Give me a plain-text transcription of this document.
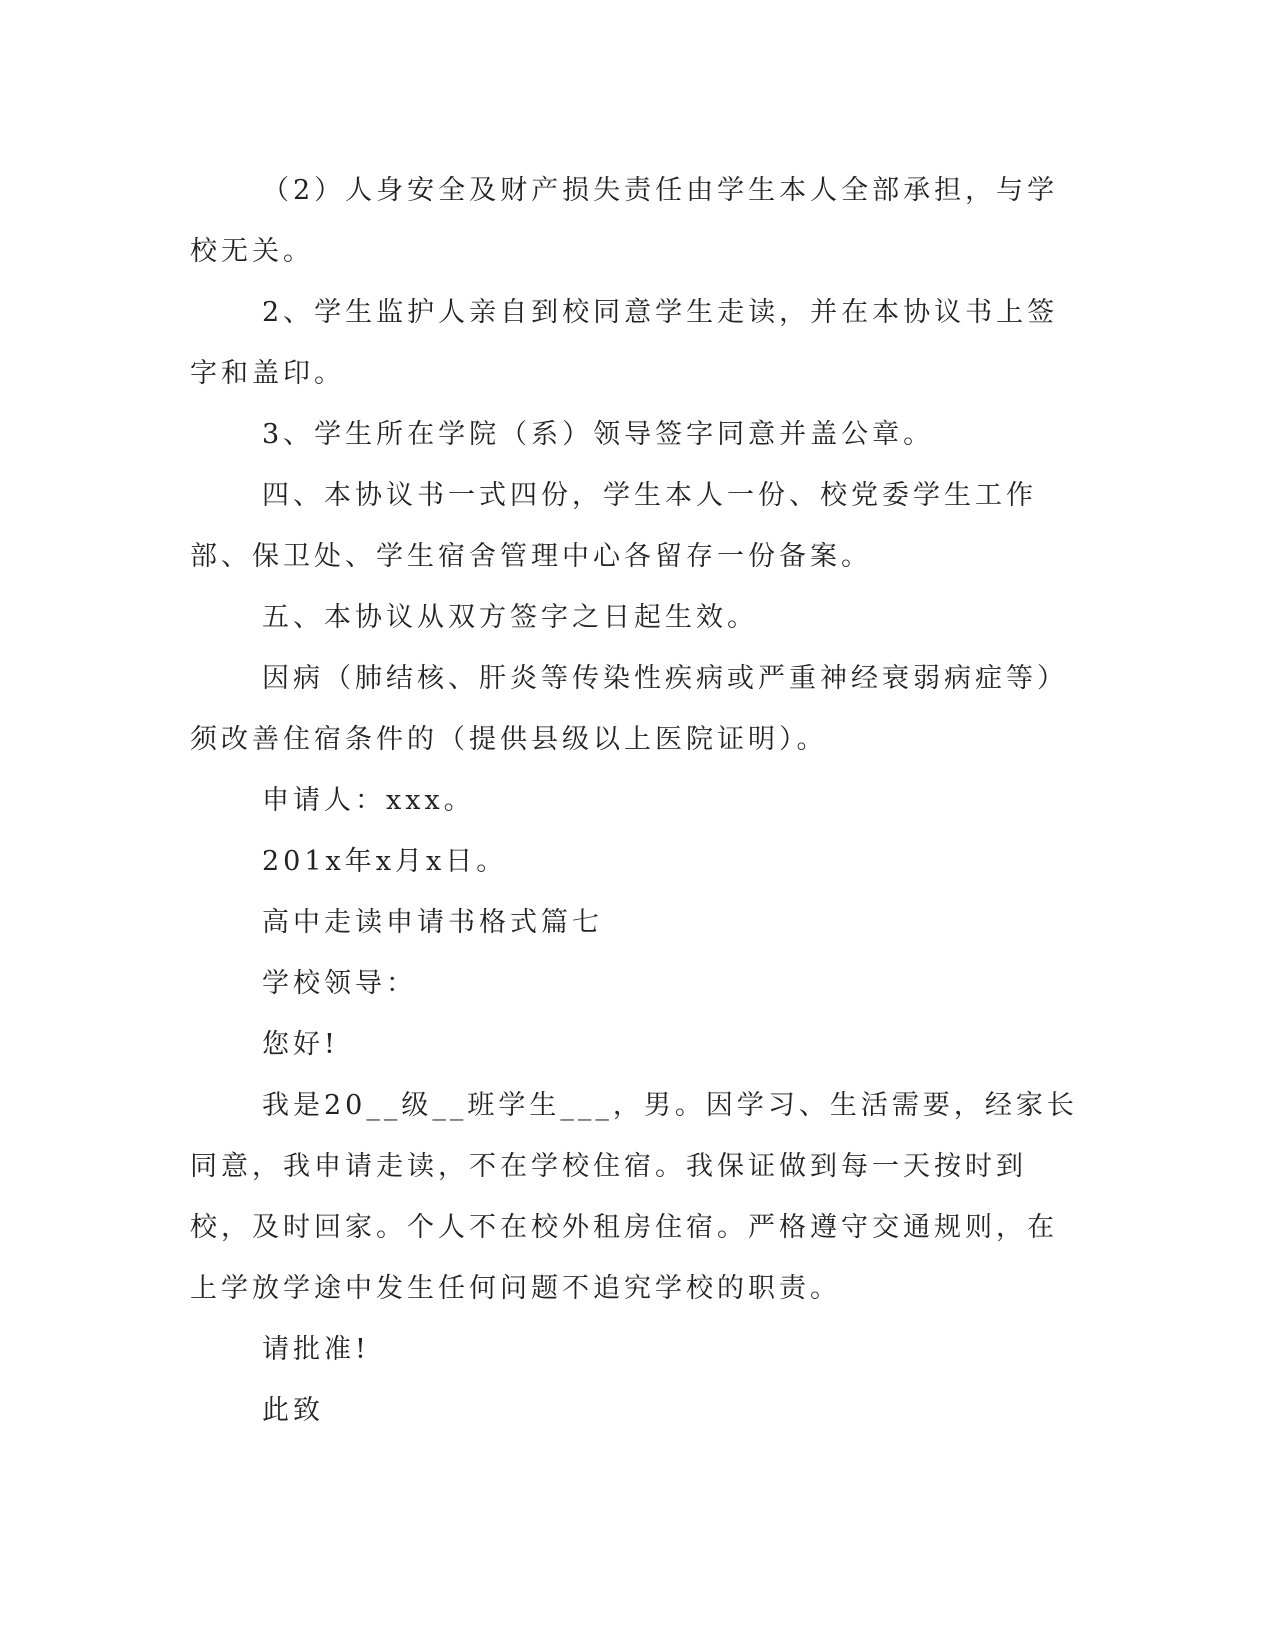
（2）人身安全及财产损失责任由学生本人全部承担，与学校无关。

2、学生监护人亲自到校同意学生走读，并在本协议书上签字和盖印。

3、学生所在学院（系）领导签字同意并盖公章。

四、本协议书一式四份，学生本人一份、校党委学生工作部、保卫处、学生宿舍管理中心各留存一份备案。

五、本协议从双方签字之日起生效。

因病（肺结核、肝炎等传染性疾病或严重神经衰弱病症等）须改善住宿条件的（提供县级以上医院证明）。

申请人：xxx。

201x年x月x日。

高中走读申请书格式篇七

学校领导：

您好!

我是20__级__班学生___，男。因学习、生活需要，经家长同意，我申请走读，不在学校住宿。我保证做到每一天按时到校，及时回家。个人不在校外租房住宿。严格遵守交通规则，在上学放学途中发生任何问题不追究学校的职责。

请批准!

此致
